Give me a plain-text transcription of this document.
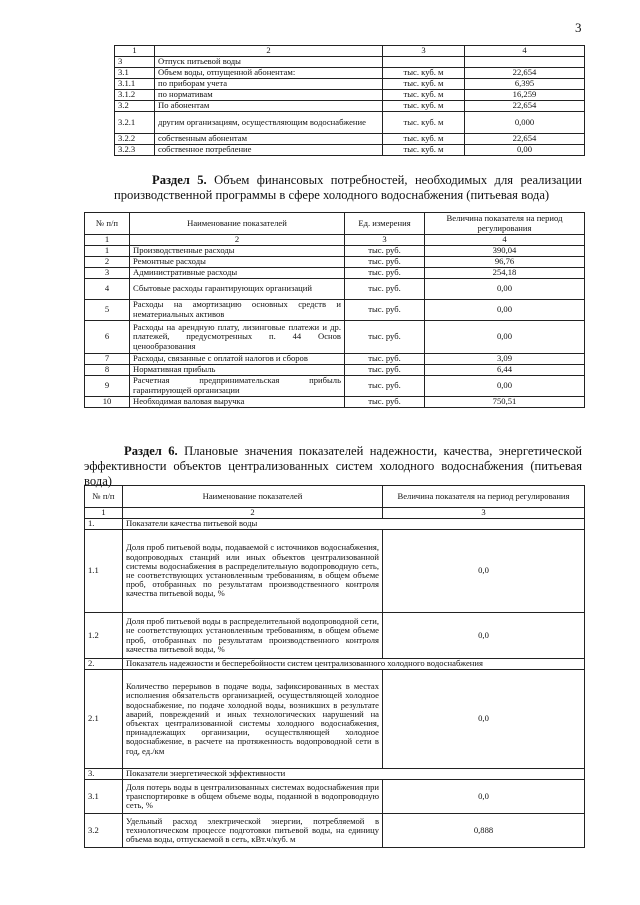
3
1	2	3	4
3	Отпуск питьевой воды		
3.1	Объем воды, отпущенной абонентам:	тыс. куб. м	22,654
3.1.1	по приборам учета	тыс. куб. м	6,395
3.1.2	по нормативам	тыс. куб. м	16,259
3.2	По абонентам	тыс. куб. м	22,654
3.2.1	другим организациям, осуществляющим водоснабжение	тыс. куб. м	0,000
3.2.2	собственным абонентам	тыс. куб. м	22,654
3.2.3	собственное потребление	тыс. куб. м	0,00
Раздел 5. Объем финансовых потребностей, необходимых для реализации производственной программы в сфере холодного водоснабжения (питьевая вода)
№ п/п	Наименование показателей	Ед. измерения	Величина показателя на период регулирования
1	2	3	4
1	Производственные расходы	тыс. руб.	390,04
2	Ремонтные расходы	тыс. руб.	96,76
3	Административные расходы	тыс. руб.	254,18
4	Сбытовые расходы гарантирующих организаций	тыс. руб.	0,00
5	Расходы на амортизацию основных средств и нематериальных активов	тыс. руб.	0,00
6	Расходы на арендную плату, лизинговые платежи и др. платежей, предусмотренных п. 44 Основ ценообразования	тыс. руб.	0,00
7	Расходы, связанные с оплатой налогов и сборов	тыс. руб.	3,09
8	Нормативная прибыль	тыс. руб.	6,44
9	Расчетная предпринимательская прибыль гарантирующей организации	тыс. руб.	0,00
10	Необходимая валовая выручка	тыс. руб.	750,51
Раздел 6. Плановые значения показателей надежности, качества, энергетической эффективности объектов централизованных систем холодного водоснабжения (питьевая вода)
№ п/п	Наименование показателей	Величина показателя на период регулирования
1	2	3
1.	Показатели качества питьевой воды	
1.1	Доля проб питьевой воды, подаваемой с источников водоснабжения, водопроводных станций или иных объектов централизованной системы водоснабжения в распределительную водопроводную сеть, не соответствующих установленным требованиям, в общем объеме проб, отобранных по результатам производственного контроля качества питьевой воды, %	0,0
1.2	Доля проб питьевой воды в распределительной водопроводной сети, не соответствующих установленным требованиям, в общем объеме проб, отобранных по результатам производственного контроля качества питьевой воды, %	0,0
2.	Показатель надежности и бесперебойности систем централизованного холодного водоснабжения	
2.1	Количество перерывов в подаче воды, зафиксированных в местах исполнения обязательств организацией, осуществляющей холодное водоснабжение, по подаче холодной воды, возникших в результате аварий, повреждений и иных технологических нарушений на объектах централизованной системы холодного водоснабжения, принадлежащих организации, осуществляющей холодное водоснабжение, в расчете на протяженность водопроводной сети в год, ед./км	0,0
3.	Показатели энергетической эффективности	
3.1	Доля потерь воды в централизованных системах водоснабжения при транспортировке в общем объеме воды, поданной в водопроводную сеть, %	0,0
3.2	Удельный расход электрической энергии, потребляемой в технологическом процессе подготовки питьевой воды, на единицу объема воды, отпускаемой в сеть, кВт.ч/куб. м	0,888
